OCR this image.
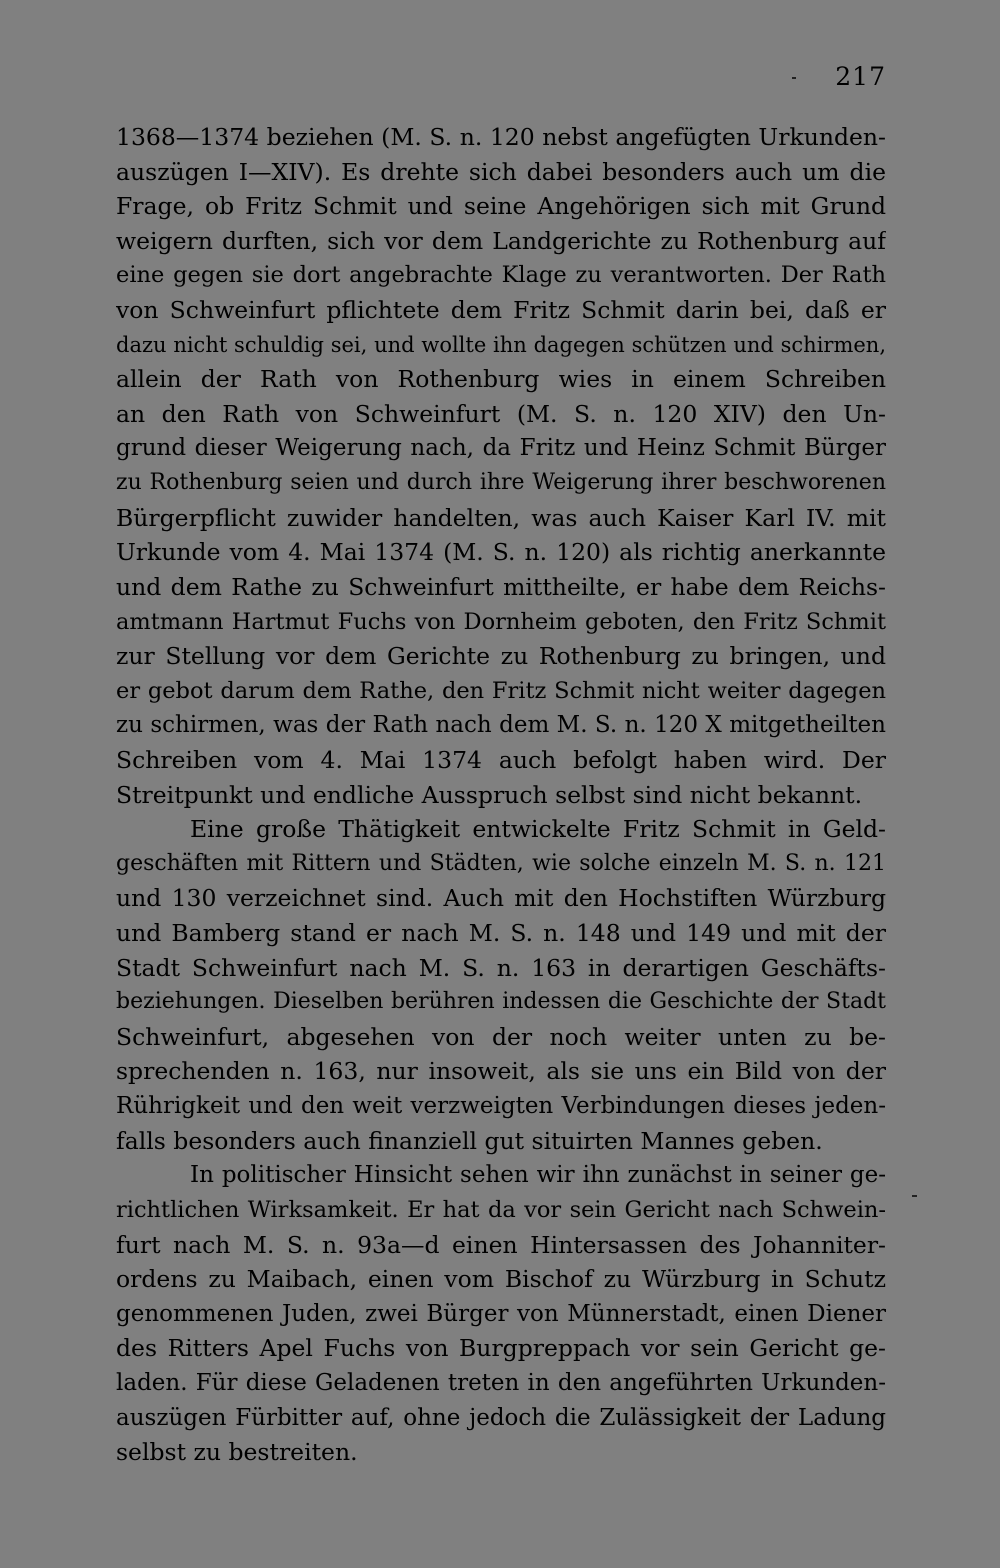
217
1368—1374 beziehen (M. S. n. 120 nebst angefügten Urkunden-
auszügen I—XIV). Es drehte sich dabei besonders auch um die
Frage, ob Fritz Schmit und seine Angehörigen sich mit Grund
weigern durften, sich vor dem Landgerichte zu Rothenburg auf
eine gegen sie dort angebrachte Klage zu verantworten. Der Rath
von Schweinfurt pflichtete dem Fritz Schmit darin bei, daß er
dazu nicht schuldig sei, und wollte ihn dagegen schützen und schirmen,
allein der Rath von Rothenburg wies in einem Schreiben
an den Rath von Schweinfurt (M. S. n. 120 XIV) den Un-
grund dieser Weigerung nach, da Fritz und Heinz Schmit Bürger
zu Rothenburg seien und durch ihre Weigerung ihrer beschworenen
Bürgerpflicht zuwider handelten, was auch Kaiser Karl IV. mit
Urkunde vom 4. Mai 1374 (M. S. n. 120) als richtig anerkannte
und dem Rathe zu Schweinfurt mittheilte, er habe dem Reichs-
amtmann Hartmut Fuchs von Dornheim geboten, den Fritz Schmit
zur Stellung vor dem Gerichte zu Rothenburg zu bringen, und
er gebot darum dem Rathe, den Fritz Schmit nicht weiter dagegen
zu schirmen, was der Rath nach dem M. S. n. 120 X mitgetheilten
Schreiben vom 4. Mai 1374 auch befolgt haben wird. Der
Streitpunkt und endliche Ausspruch selbst sind nicht bekannt.
Eine große Thätigkeit entwickelte Fritz Schmit in Geld-
geschäften mit Rittern und Städten, wie solche einzeln M. S. n. 121
und 130 verzeichnet sind. Auch mit den Hochstiften Würzburg
und Bamberg stand er nach M. S. n. 148 und 149 und mit der
Stadt Schweinfurt nach M. S. n. 163 in derartigen Geschäfts-
beziehungen. Dieselben berühren indessen die Geschichte der Stadt
Schweinfurt, abgesehen von der noch weiter unten zu be-
sprechenden n. 163, nur insoweit, als sie uns ein Bild von der
Rührigkeit und den weit verzweigten Verbindungen dieses jeden-
falls besonders auch finanziell gut situirten Mannes geben.
In politischer Hinsicht sehen wir ihn zunächst in seiner ge-
richtlichen Wirksamkeit. Er hat da vor sein Gericht nach Schwein-
furt nach M. S. n. 93a—d einen Hintersassen des Johanniter-
ordens zu Maibach, einen vom Bischof zu Würzburg in Schutz
genommenen Juden, zwei Bürger von Münnerstadt, einen Diener
des Ritters Apel Fuchs von Burgpreppach vor sein Gericht ge-
laden. Für diese Geladenen treten in den angeführten Urkunden-
auszügen Fürbitter auf, ohne jedoch die Zulässigkeit der Ladung
selbst zu bestreiten.
